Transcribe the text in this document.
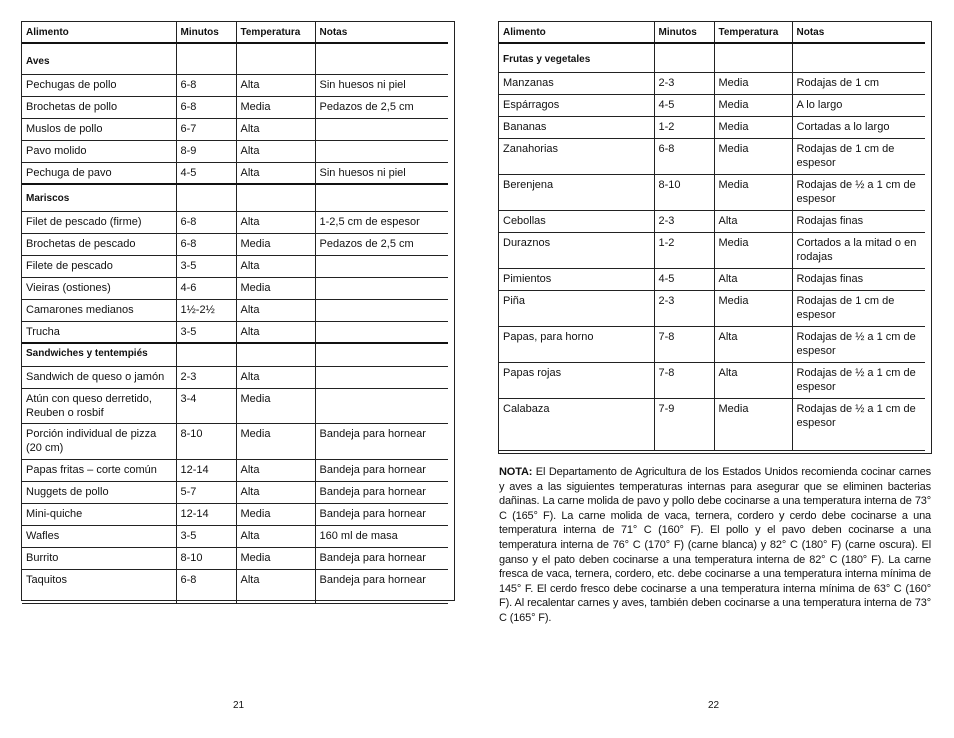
Alimento	Minutos	Temperatura	Notas
Aves			
Pechugas de pollo	6-8	Alta	Sin huesos ni piel
Brochetas de pollo	6-8	Media	Pedazos de 2,5 cm
Muslos de pollo	6-7	Alta	
Pavo molido	8-9	Alta	
Pechuga de pavo	4-5	Alta	Sin huesos ni piel
Mariscos			
Filet de pescado (firme)	6-8	Alta	1-2,5 cm de espesor
Brochetas de pescado	6-8	Media	Pedazos de 2,5 cm
Filete de pescado	3-5	Alta	
Vieiras (ostiones)	4-6	Media	
Camarones medianos	1½-2½	Alta	
Trucha	3-5	Alta	
Sandwiches y tentempiés			
Sandwich de queso o jamón	2-3	Alta	
Atún con queso derretido, Reuben o rosbif	3-4	Media	
Porción individual de pizza (20 cm)	8-10	Media	Bandeja para hornear
Papas fritas – corte común	12-14	Alta	Bandeja para hornear
Nuggets de pollo	5-7	Alta	Bandeja para hornear
Mini-quiche	12-14	Media	Bandeja para hornear
Wafles	3-5	Alta	160 ml de masa
Burrito	8-10	Media	Bandeja para hornear
Taquitos	6-8	Alta	Bandeja para hornear
21
Alimento	Minutos	Temperatura	Notas
Frutas y vegetales			
Manzanas	2-3	Media	Rodajas de 1 cm
Espárragos	4-5	Media	A lo largo
Bananas	1-2	Media	Cortadas a lo largo
Zanahorias	6-8	Media	Rodajas de 1 cm de espesor
Berenjena	8-10	Media	Rodajas de ½ a 1 cm de espesor
Cebollas	2-3	Alta	Rodajas finas
Duraznos	1-2	Media	Cortados a la mitad o en rodajas
Pimientos	4-5	Alta	Rodajas finas
Piña	2-3	Media	Rodajas de 1 cm de espesor
Papas, para horno	7-8	Alta	Rodajas de ½ a 1 cm de espesor
Papas rojas	7-8	Alta	Rodajas de ½ a 1 cm de espesor
Calabaza	7-9	Media	Rodajas de ½ a 1 cm de espesor
NOTA: El Departamento de Agricultura de los Estados Unidos recomienda cocinar carnes y aves a las siguientes temperaturas internas para asegurar que se eliminen bacterias dañinas. La carne molida de pavo y pollo debe cocinarse a una temperatura interna de 73° C (165° F). La carne molida de vaca, ternera, cordero y cerdo debe cocinarse a una temperatura interna de 71° C (160° F). El pollo y el pavo deben cocinarse a una temperatura interna de 76° C (170° F) (carne blanca) y 82° C (180° F) (carne oscura). El ganso y el pato deben cocinarse a una temperatura interna de 82° C (180° F). La carne fresca de vaca, ternera, cordero, etc. debe cocinarse a una temperatura interna mínima de 145° F. El cerdo fresco debe cocinarse a una temperatura interna mínima de 63° C (160° F). Al recalentar carnes y aves, también deben cocinarse a una temperatura interna de 73° C (165° F).
22
